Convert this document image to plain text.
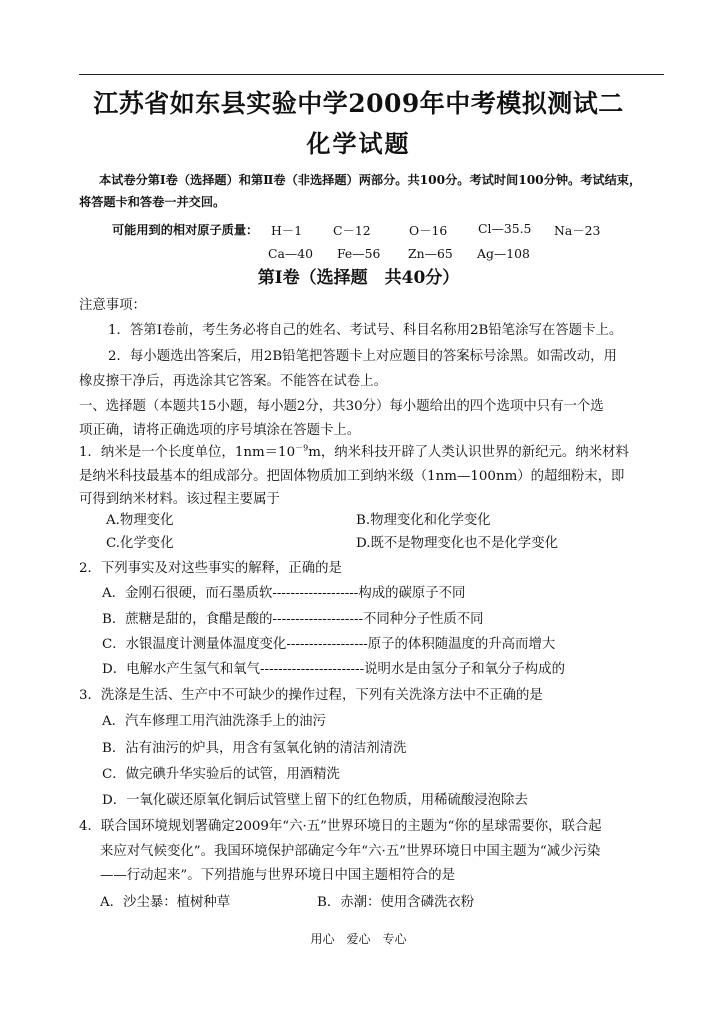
江苏省如东县实验中学2009年中考模拟测试二
化学试题
本试卷分第Ⅰ卷（选择题）和第Ⅱ卷（非选择题）两部分。共100分。考试时间100分钟。考试结束，
将答题卡和答卷一并交回。
可能用到的相对原子质量： H－1 C－12	O－16 Cl—35.5 Na－23
Ca—40 Fe—56 Zn—65 Ag—108
第Ⅰ卷（选择题　共40分）
注意事项：
1．答第Ⅰ卷前，考生务必将自己的姓名、考试号、科目名称用2B铅笔涂写在答题卡上。
2．每小题选出答案后，用2B铅笔把答题卡上对应题目的答案标号涂黑。如需改动，用
橡皮擦干净后，再选涂其它答案。不能答在试卷上。
一、选择题（本题共15小题，每小题2分，共30分）每小题给出的四个选项中只有一个选
项正确，请将正确选项的序号填涂在答题卡上。
1．纳米是一个长度单位，$1nm=10^{-9}m$，纳米科技开辟了人类认识世界的新纪元。纳米材料
是纳米科技最基本的组成部分。把固体物质加工到纳米级（1nm—100nm）的超细粉末，即
可得到纳米材料。该过程主要属于
A.物理变化	B.物理变化和化学变化
C.化学变化	D.既不是物理变化也不是化学变化
2．下列事实及对这些事实的解释，正确的是
A．金刚石很硬，而石墨质软-------------------构成的碳原子不同
B．蔗糖是甜的，食醋是酸的--------------------不同种分子性质不同
C．水银温度计测量体温度变化------------------原子的体积随温度的升高而增大
D．电解水产生氢气和氧气-----------------------说明水是由氢分子和氧分子构成的
3．洗涤是生活、生产中不可缺少的操作过程，下列有关洗涤方法中不正确的是
A．汽车修理工用汽油洗涤手上的油污
B．沾有油污的炉具，用含有氢氧化钠的清洁剂清洗
C．做完碘升华实验后的试管，用酒精洗
D．一氧化碳还原氧化铜后试管壁上留下的红色物质，用稀硫酸浸泡除去
4．联合国环境规划署确定2009年“六·五”世界环境日的主题为“你的星球需要你，联合起
来应对气候变化”。我国环境保护部确定今年“六·五”世界环境日中国主题为“减少污染
——行动起来”。下列措施与世界环境日中国主题相符合的是
A．沙尘暴：植树种草	B．赤潮：使用含磷洗衣粉
用心　爱心　专心
